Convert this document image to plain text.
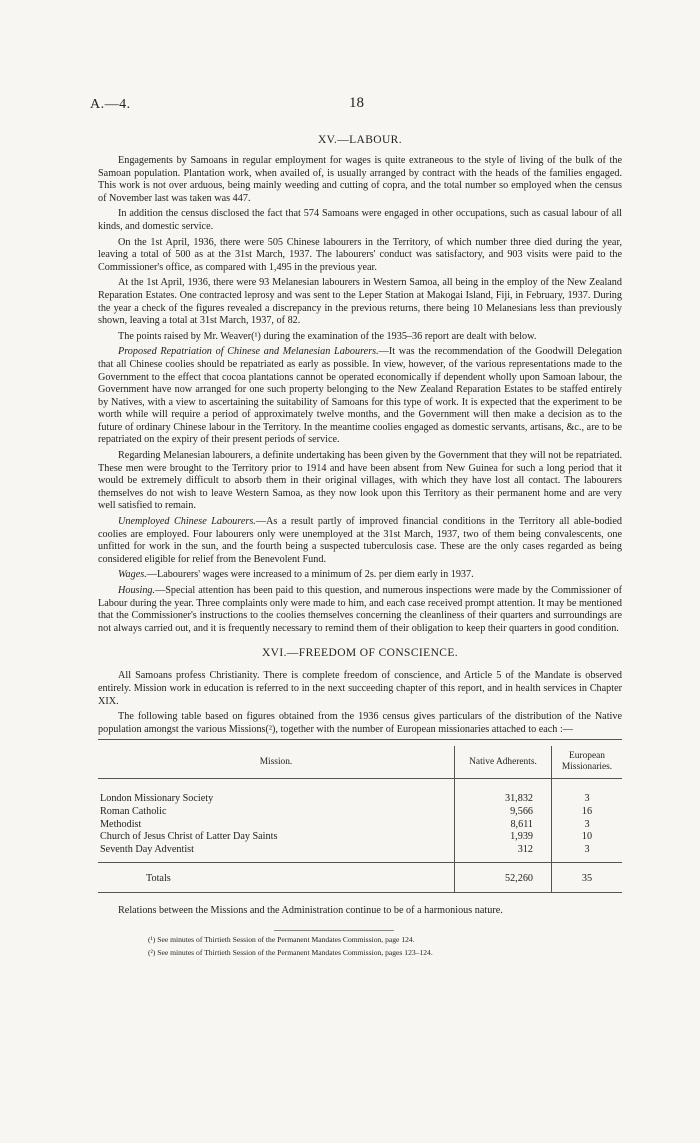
A.—4.	18
XV.—LABOUR.

Engagements by Samoans in regular employment for wages is quite extraneous to the style of living of the bulk of the Samoan population. Plantation work, when availed of, is usually arranged by contract with the heads of the families engaged. This work is not over arduous, being mainly weeding and cutting of copra, and the total number so employed when the census of November last was taken was 447.

In addition the census disclosed the fact that 574 Samoans were engaged in other occupations, such as casual labour of all kinds, and domestic service.

On the 1st April, 1936, there were 505 Chinese labourers in the Territory, of which number three died during the year, leaving a total of 500 as at the 31st March, 1937. The labourers' conduct was satisfactory, and 903 visits were paid to the Commissioner's office, as compared with 1,495 in the previous year.

At the 1st April, 1936, there were 93 Melanesian labourers in Western Samoa, all being in the employ of the New Zealand Reparation Estates. One contracted leprosy and was sent to the Leper Station at Makogai Island, Fiji, in February, 1937. During the year a check of the figures revealed a discrepancy in the previous returns, there being 10 Melanesians less than previously shown, leaving a total at 31st March, 1937, of 82.

The points raised by Mr. Weaver(¹) during the examination of the 1935–36 report are dealt with below.

Proposed Repatriation of Chinese and Melanesian Labourers.—It was the recommendation of the Goodwill Delegation that all Chinese coolies should be repatriated as early as possible. In view, however, of the various representations made to the Government to the effect that cocoa plantations cannot be operated economically if dependent wholly upon Samoan labour, the Government have now arranged for one such property belonging to the New Zealand Reparation Estates to be staffed entirely by Natives, with a view to ascertaining the suitability of Samoans for this type of work. It is expected that the experiment to be worth while will require a period of approximately twelve months, and the Government will then make a decision as to the future of ordinary Chinese labour in the Territory. In the meantime coolies engaged as domestic servants, artisans, &c., are to be repatriated on the expiry of their present periods of service.

Regarding Melanesian labourers, a definite undertaking has been given by the Government that they will not be repatriated. These men were brought to the Territory prior to 1914 and have been absent from New Guinea for such a long period that it would be extremely difficult to absorb them in their original villages, with which they have lost all contact. The labourers themselves do not wish to leave Western Samoa, as they now look upon this Territory as their permanent home and are very well satisfied to remain.

Unemployed Chinese Labourers.—As a result partly of improved financial conditions in the Territory all able-bodied coolies are employed. Four labourers only were unemployed at the 31st March, 1937, two of them being convalescents, one unfitted for work in the sun, and the fourth being a suspected tuberculosis case. These are the only cases regarded as being considered eligible for relief from the Benevolent Fund.

Wages.—Labourers' wages were increased to a minimum of 2s. per diem early in 1937.

Housing.—Special attention has been paid to this question, and numerous inspections were made by the Commissioner of Labour during the year. Three complaints only were made to him, and each case received prompt attention. It may be mentioned that the Commissioner's instructions to the coolies themselves concerning the cleanliness of their quarters and surroundings are not always carried out, and it is frequently necessary to remind them of their obligation to keep their quarters in good condition.

XVI.—FREEDOM OF CONSCIENCE.

All Samoans profess Christianity. There is complete freedom of conscience, and Article 5 of the Mandate is observed entirely. Mission work in education is referred to in the next succeeding chapter of this report, and in health services in Chapter XIX.

The following table based on figures obtained from the 1936 census gives particulars of the distribution of the Native population amongst the various Missions(²), together with the number of European missionaries attached to each :—

Mission.	Native Adherents.	European
Missionaries.

London Missionary Society	31,832	3
Roman Catholic	9,566	16
Methodist	8,611	3
Church of Jesus Christ of Latter Day Saints	1,939	10
Seventh Day Adventist	312	3
Totals	52,260	35

Relations between the Missions and the Administration continue to be of a harmonious nature.

(¹) See minutes of Thirtieth Session of the Permanent Mandates Commission, page 124.

(²) See minutes of Thirtieth Session of the Permanent Mandates Commission, pages 123–124.
